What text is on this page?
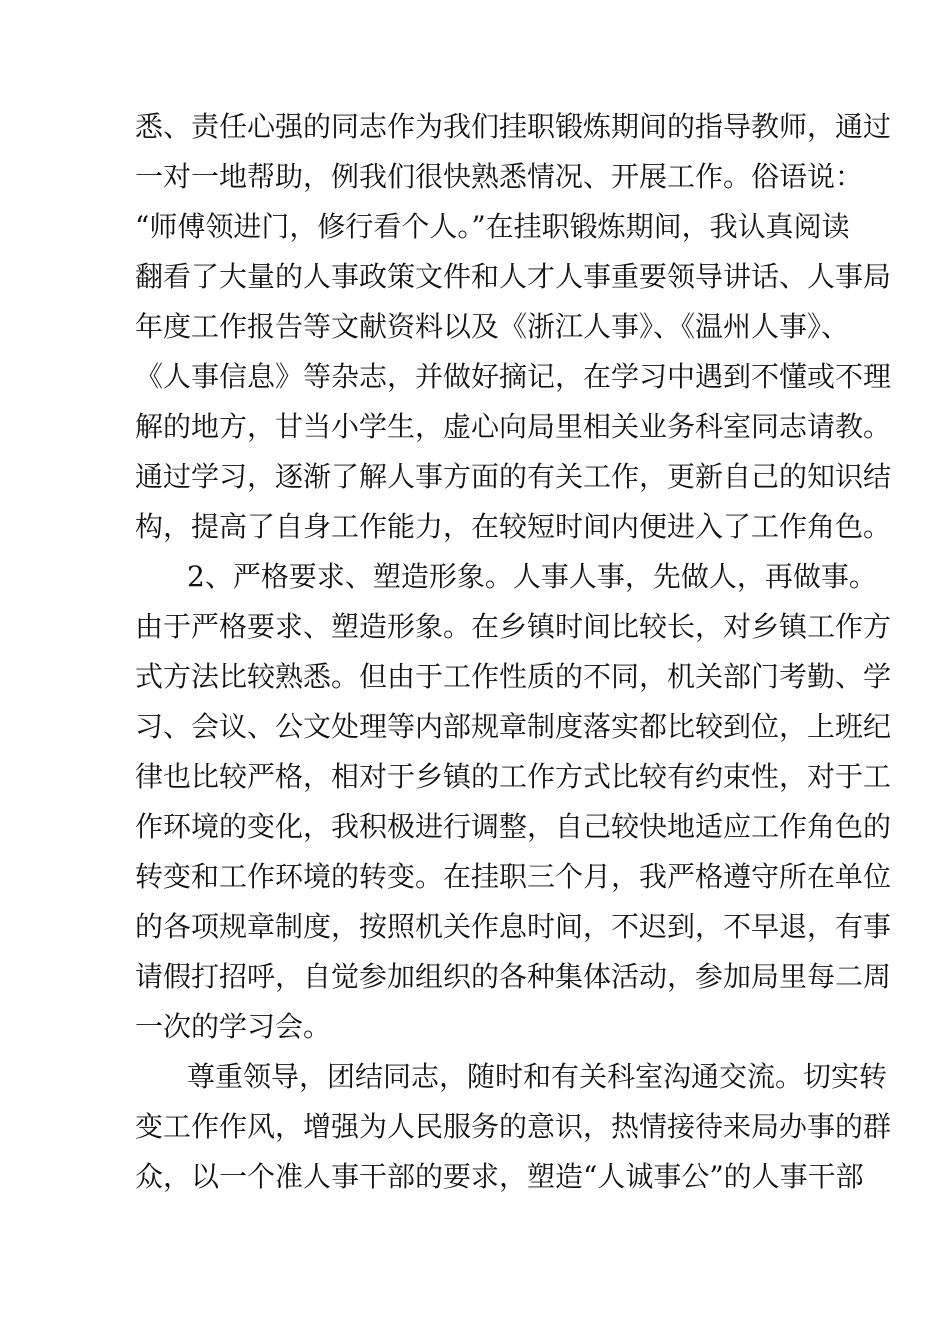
悉、责任心强的同志作为我们挂职锻炼期间的指导教师，通过
一对一地帮助，例我们很快熟悉情况、开展工作。俗语说：
“师傅领进门，修行看个人。”在挂职锻炼期间，我认真阅读
翻看了大量的人事政策文件和人才人事重要领导讲话、人事局
年度工作报告等文献资料以及《浙江人事》、《温州人事》、
《人事信息》等杂志，并做好摘记，在学习中遇到不懂或不理
解的地方，甘当小学生，虚心向局里相关业务科室同志请教。
通过学习，逐渐了解人事方面的有关工作，更新自己的知识结
构，提高了自身工作能力，在较短时间内便进入了工作角色。
2、严格要求、塑造形象。人事人事，先做人，再做事。
由于严格要求、塑造形象。在乡镇时间比较长，对乡镇工作方
式方法比较熟悉。但由于工作性质的不同，机关部门考勤、学
习、会议、公文处理等内部规章制度落实都比较到位，上班纪
律也比较严格，相对于乡镇的工作方式比较有约束性，对于工
作环境的变化，我积极进行调整，自己较快地适应工作角色的
转变和工作环境的转变。在挂职三个月，我严格遵守所在单位
的各项规章制度，按照机关作息时间，不迟到，不早退，有事
请假打招呼，自觉参加组织的各种集体活动，参加局里每二周
一次的学习会。
尊重领导，团结同志，随时和有关科室沟通交流。切实转
变工作作风，增强为人民服务的意识，热情接待来局办事的群
众，以一个准人事干部的要求，塑造“人诚事公”的人事干部
